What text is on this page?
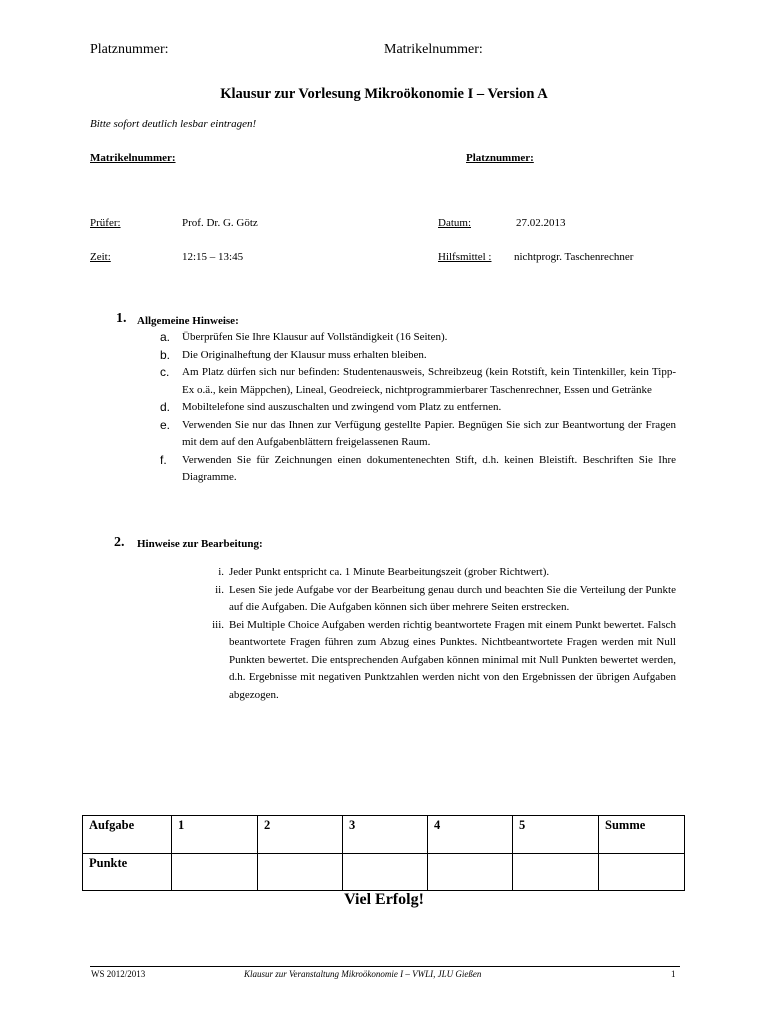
Platznummer:	Matrikelnummer:
Klausur zur Vorlesung Mikroökonomie I – Version A
Bitte sofort deutlich lesbar eintragen!
Matrikelnummer:	Platznummer:
Prüfer:	Prof. Dr. G. Götz	Datum:	27.02.2013
Zeit:	12:15 – 13:45	Hilfsmittel : nichtprogr. Taschenrechner
1. Allgemeine Hinweise:
a. Überprüfen Sie Ihre Klausur auf Vollständigkeit (16 Seiten).
b. Die Originalheftung der Klausur muss erhalten bleiben.
c. Am Platz dürfen sich nur befinden: Studentenausweis, Schreibzeug (kein Rotstift, kein Tintenkiller, kein Tipp-Ex o.ä., kein Mäppchen), Lineal, Geodreieck, nichtprogrammierbarer Taschenrechner, Essen und Getränke
d. Mobiltelefone sind auszuschalten und zwingend vom Platz zu entfernen.
e. Verwenden Sie nur das Ihnen zur Verfügung gestellte Papier. Begnügen Sie sich zur Beantwortung der Fragen mit dem auf den Aufgabenblättern freigelassenen Raum.
f. Verwenden Sie für Zeichnungen einen dokumentenechten Stift, d.h. keinen Bleistift. Beschriften Sie Ihre Diagramme.
2. Hinweise zur Bearbeitung:
i. Jeder Punkt entspricht ca. 1 Minute Bearbeitungszeit (grober Richtwert).
ii. Lesen Sie jede Aufgabe vor der Bearbeitung genau durch und beachten Sie die Verteilung der Punkte auf die Aufgaben. Die Aufgaben können sich über mehrere Seiten erstrecken.
iii. Bei Multiple Choice Aufgaben werden richtig beantwortete Fragen mit einem Punkt bewertet. Falsch beantwortete Fragen führen zum Abzug eines Punktes. Nichtbeantwortete Fragen werden mit Null Punkten bewertet. Die entsprechenden Aufgaben können minimal mit Null Punkten bewertet werden, d.h. Ergebnisse mit negativen Punktzahlen werden nicht von den Ergebnissen der übrigen Aufgaben abgezogen.
Aufgabe	1	2	3	4	5	Summe
Punkte						
Viel Erfolg!
WS 2012/2013	Klausur zur Veranstaltung Mikroökonomie I – VWLI, JLU Gießen	1
